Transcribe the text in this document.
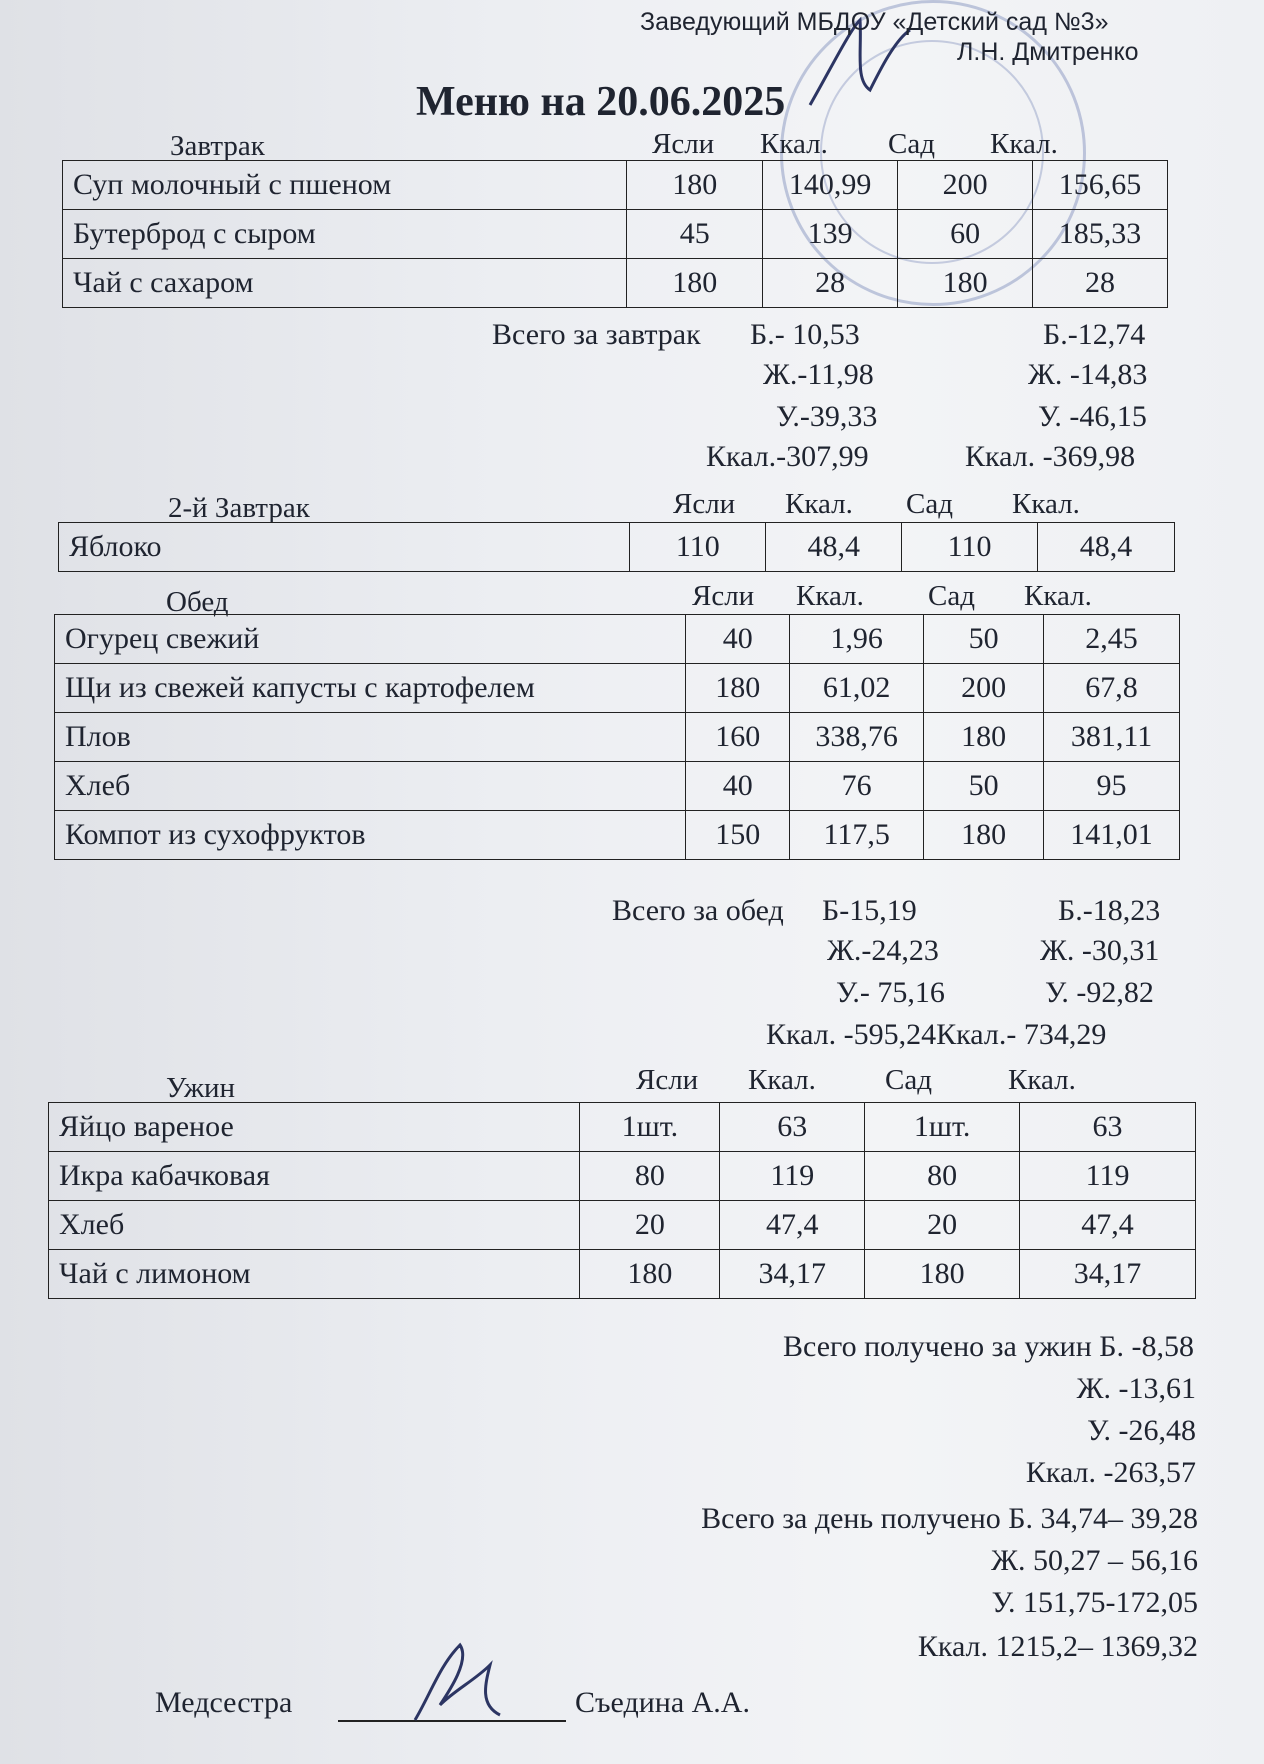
Заведующий МБДОУ «Детский сад №3»
Л.Н. Дмитренко
Меню на 20.06.2025
Завтрак	Ясли Ккал. Сад Ккал.
Суп молочный с пшеном	180	140,99	200	156,65
Бутерброд с сыром	45	139	60	185,33
Чай с сахаром	180	28	180	28
Всего за завтрак Б.- 10,53	Б.-12,74
Ж.-11,98	Ж. -14,83
У.-39,33	У. -46,15
Ккал.-307,99	Ккал. -369,98
2-й Завтрак	Ясли Ккал. Сад Ккал.
Яблоко	110	48,4	110	48,4
Обед	Ясли Ккал. Сад Ккал.
Огурец свежий	40	1,96	50	2,45
Щи из свежей капусты с картофелем	180	61,02	200	67,8
Плов	160	338,76	180	381,11
Хлеб	40	76	50	95
Компот из сухофруктов	150	117,5	180	141,01
Всего за обед Б-15,19	Б.-18,23
Ж.-24,23	Ж. -30,31
У.- 75,16	У. -92,82
Ккал. -595,24Ккал.- 734,29
Ужин	Ясли Ккал. Сад	Ккал.
Яйцо вареное	1шт.	63	1шт.	63
Икра кабачковая	80	119	80	119
Хлеб	20	47,4	20	47,4
Чай с лимоном	180	34,17	180	34,17
Всего получено за ужин Б. -8,58
Ж. -13,61
У. -26,48
Ккал. -263,57
Всего за день получено Б. 34,74– 39,28
Ж. 50,27 – 56,16
У. 151,75-172,05
Ккал. 1215,2– 1369,32
Медсестра	Съедина А.А.
